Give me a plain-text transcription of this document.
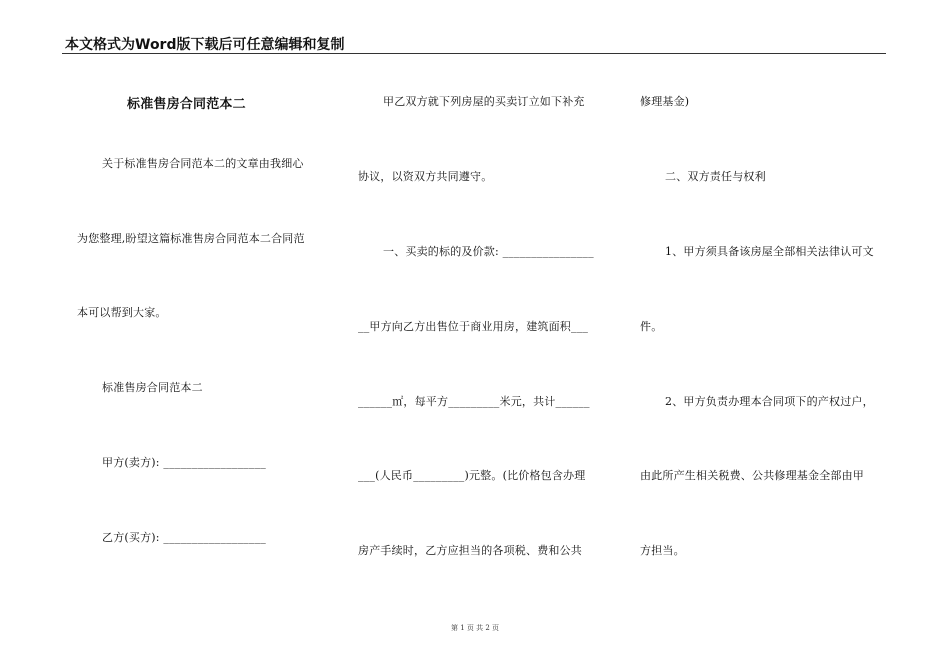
本文格式为Word版下载后可任意编辑和复制
标准售房合同范本二
关于标准售房合同范本二的文章由我细心
为您整理,盼望这篇标准售房合同范本二合同范
本可以帮到大家。
标准售房合同范本二
甲方(卖方): __________________
乙方(买方): __________________
甲乙双方就下列房屋的买卖订立如下补充
协议，以资双方共同遵守。
一、买卖的标的及价款: ________________
__甲方向乙方出售位于商业用房，建筑面积___
______㎡，每平方_________米元，共计______
___(人民币_________)元整。(比价格包含办理
房产手续时，乙方应担当的各项税、费和公共
修理基金)
二、双方责任与权利
1、甲方须具备该房屋全部相关法律认可文
件。
2、甲方负责办理本合同项下的产权过户，
由此所产生相关税费、公共修理基金全部由甲
方担当。
第 1 页 共 2 页
